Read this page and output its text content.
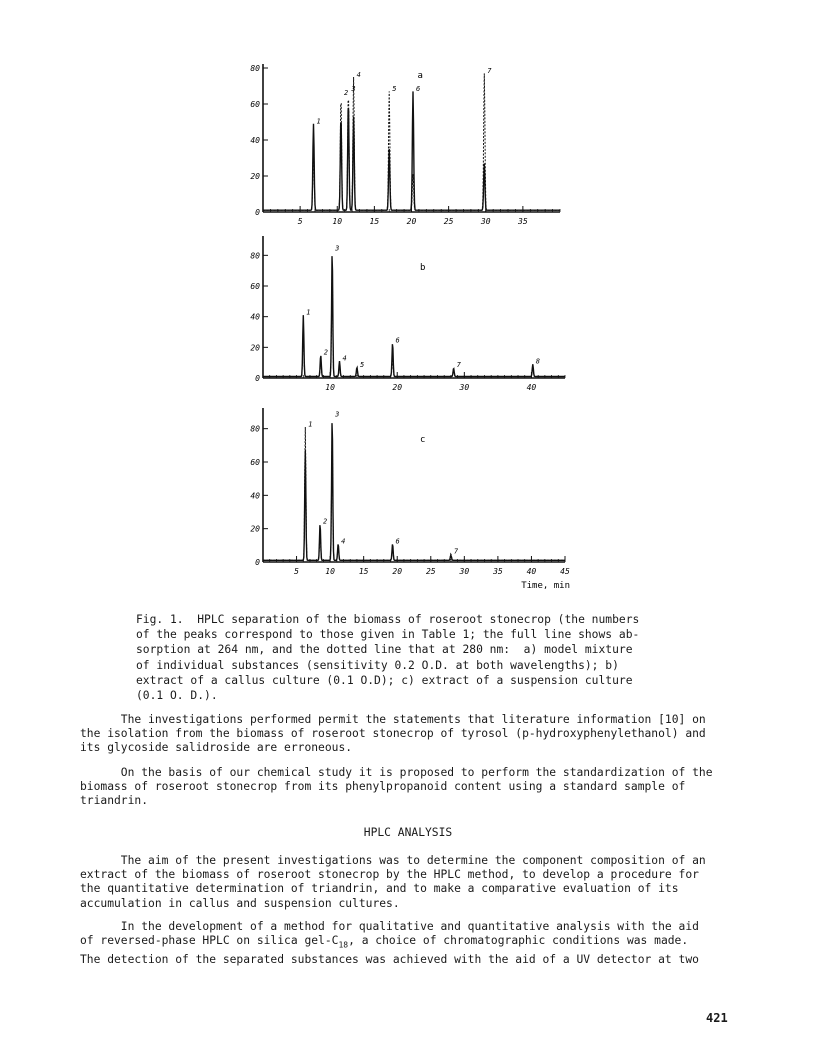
0
20
40
60
80
5	10	15	20	25	30	35
a
1
2 3
4
5	6
7
0
20
40
60
80
10	20	30	40
b
1
2
3
4
5
6
7	8
0
20
40
60
80
5	10	15	20	25	30	35	40	45
c
1
2
3
4	6
7
Time, min
Fig. 1.  HPLC separation of the biomass of roseroot stonecrop (the numbers
of the peaks correspond to those given in Table 1; the full line shows ab-
sorption at 264 nm, and the dotted line that at 280 nm:  a) model mixture
of individual substances (sensitivity 0.2 O.D. at both wavelengths); b)
extract of a callus culture (0.1 O.D); c) extract of a suspension culture
(0.1 O. D.).
The investigations performed permit the statements that literature information [10] on
the isolation from the biomass of roseroot stonecrop of tyrosol (p-hydroxyphenylethanol) and
its glycoside salidroside are erroneous.
On the basis of our chemical study it is proposed to perform the standardization of the
biomass of roseroot stonecrop from its phenylpropanoid content using a standard sample of
triandrin.
HPLC ANALYSIS
The aim of the present investigations was to determine the component composition of an
extract of the biomass of roseroot stonecrop by the HPLC method, to develop a procedure for
the quantitative determination of triandrin, and to make a comparative evaluation of its
accumulation in callus and suspension cultures.
In the development of a method for qualitative and quantitative analysis with the aid
of reversed-phase HPLC on silica gel-$C_{18}$, a choice of chromatographic conditions was made.
The detection of the separated substances was achieved with the aid of a UV detector at two
421
